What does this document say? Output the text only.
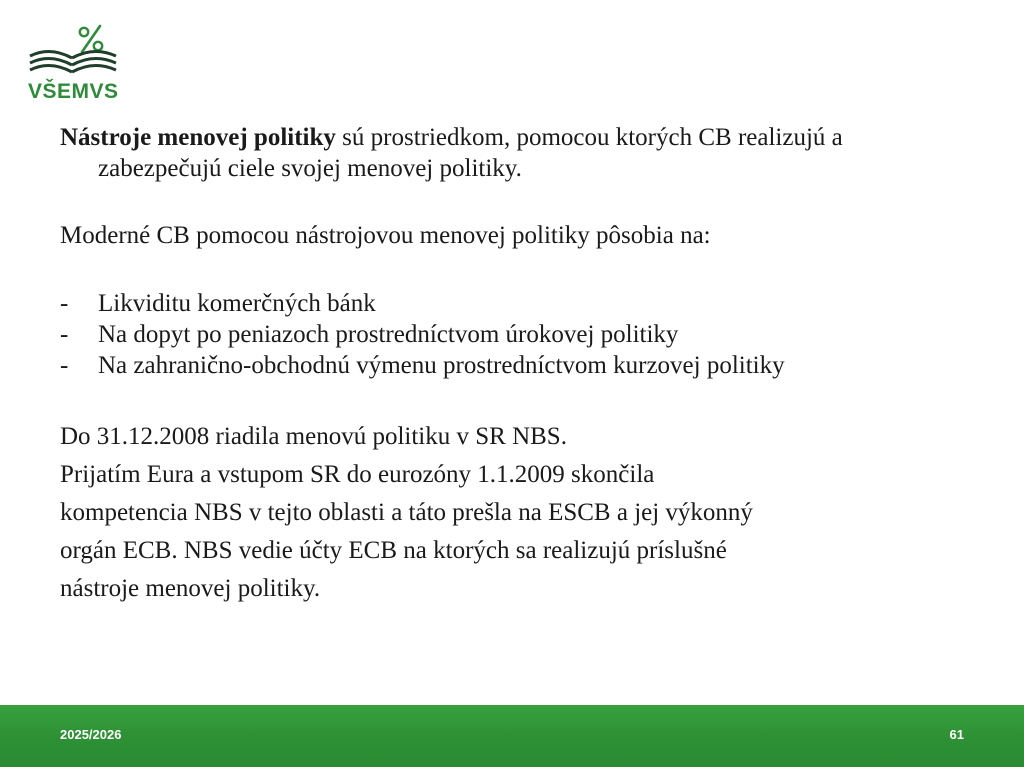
VŠEMVS

Nástroje menovej politiky sú prostriedkom, pomocou ktorých CB realizujú a zabezpečujú ciele svojej menovej politiky.

Moderné CB pomocou nástrojovou menovej politiky pôsobia na:

-	Likviditu komerčných bánk
-	Na dopyt po peniazoch prostredníctvom úrokovej politiky
-	Na zahranično-obchodnú výmenu prostredníctvom kurzovej politiky

Do 31.12.2008 riadila menovú politiku v SR NBS.

Prijatím Eura a vstupom SR do eurozóny 1.1.2009 skončila

kompetencia NBS v tejto oblasti a táto prešla na ESCB a jej výkonný

orgán ECB. NBS vedie účty ECB na ktorých sa realizujú príslušné

nástroje menovej politiky.

2025/2026	61
